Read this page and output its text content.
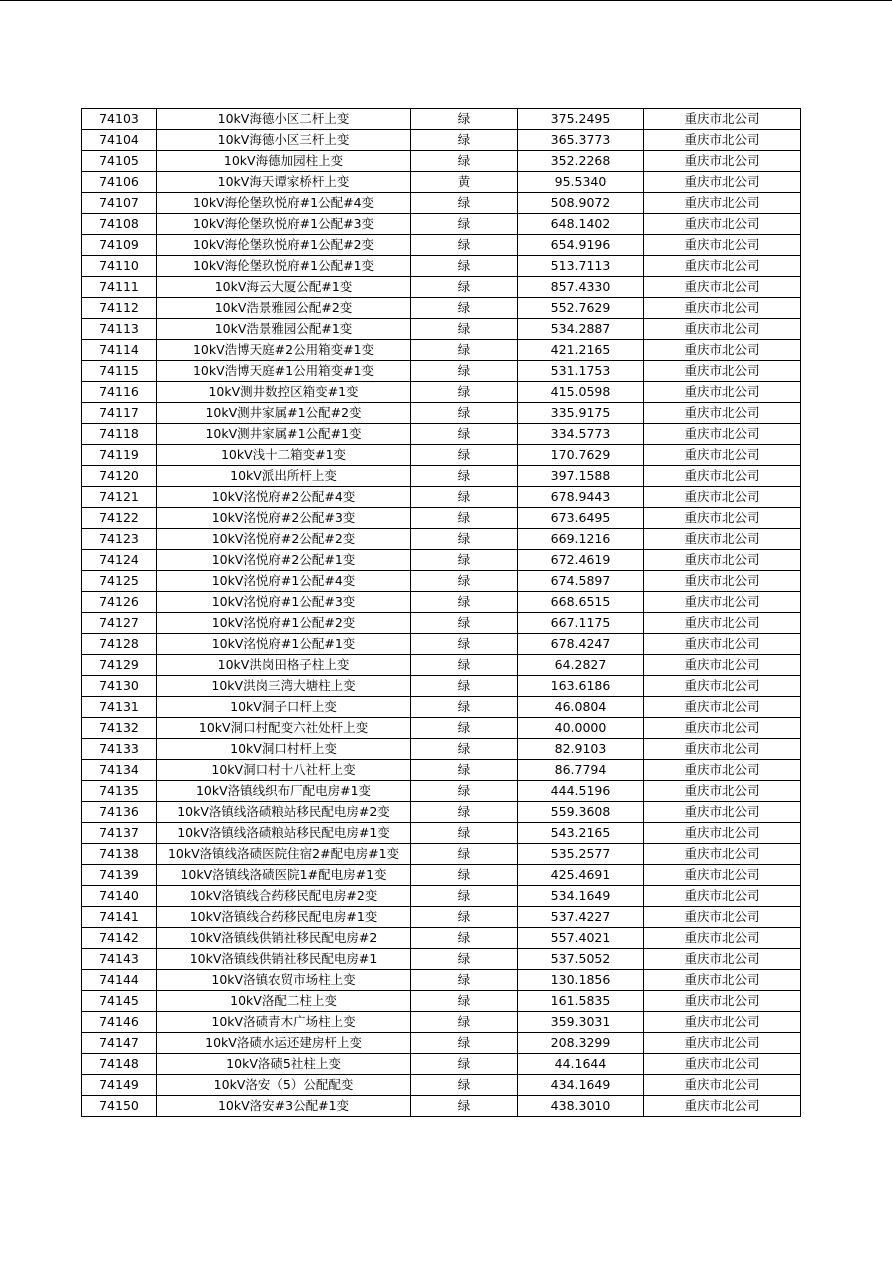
74103	10kV海德小区二杆上变	绿	375.2495	重庆市北公司
74104	10kV海德小区三杆上变	绿	365.3773	重庆市北公司
74105	10kV海德加园柱上变	绿	352.2268	重庆市北公司
74106	10kV海天谭家桥杆上变	黄	95.5340	重庆市北公司
74107	10kV海伦堡玖悦府#1公配#4变	绿	508.9072	重庆市北公司
74108	10kV海伦堡玖悦府#1公配#3变	绿	648.1402	重庆市北公司
74109	10kV海伦堡玖悦府#1公配#2变	绿	654.9196	重庆市北公司
74110	10kV海伦堡玖悦府#1公配#1变	绿	513.7113	重庆市北公司
74111	10kV海云大厦公配#1变	绿	857.4330	重庆市北公司
74112	10kV浩景雅园公配#2变	绿	552.7629	重庆市北公司
74113	10kV浩景雅园公配#1变	绿	534.2887	重庆市北公司
74114	10kV浩博天庭#2公用箱变#1变	绿	421.2165	重庆市北公司
74115	10kV浩博天庭#1公用箱变#1变	绿	531.1753	重庆市北公司
74116	10kV测井数控区箱变#1变	绿	415.0598	重庆市北公司
74117	10kV测井家属#1公配#2变	绿	335.9175	重庆市北公司
74118	10kV测井家属#1公配#1变	绿	334.5773	重庆市北公司
74119	10kV浅十二箱变#1变	绿	170.7629	重庆市北公司
74120	10kV派出所杆上变	绿	397.1588	重庆市北公司
74121	10kV洺悦府#2公配#4变	绿	678.9443	重庆市北公司
74122	10kV洺悦府#2公配#3变	绿	673.6495	重庆市北公司
74123	10kV洺悦府#2公配#2变	绿	669.1216	重庆市北公司
74124	10kV洺悦府#2公配#1变	绿	672.4619	重庆市北公司
74125	10kV洺悦府#1公配#4变	绿	674.5897	重庆市北公司
74126	10kV洺悦府#1公配#3变	绿	668.6515	重庆市北公司
74127	10kV洺悦府#1公配#2变	绿	667.1175	重庆市北公司
74128	10kV洺悦府#1公配#1变	绿	678.4247	重庆市北公司
74129	10kV洪岗田格子柱上变	绿	64.2827	重庆市北公司
74130	10kV洪岗三湾大塘柱上变	绿	163.6186	重庆市北公司
74131	10kV洞子口杆上变	绿	46.0804	重庆市北公司
74132	10kV洞口村配变六社处杆上变	绿	40.0000	重庆市北公司
74133	10kV洞口村杆上变	绿	82.9103	重庆市北公司
74134	10kV洞口村十八社杆上变	绿	86.7794	重庆市北公司
74135	10kV洛镇线织布厂配电房#1变	绿	444.5196	重庆市北公司
74136	10kV洛镇线洛碛粮站移民配电房#2变	绿	559.3608	重庆市北公司
74137	10kV洛镇线洛碛粮站移民配电房#1变	绿	543.2165	重庆市北公司
74138	10kV洛镇线洛碛医院住宿2#配电房#1变	绿	535.2577	重庆市北公司
74139	10kV洛镇线洛碛医院1#配电房#1变	绿	425.4691	重庆市北公司
74140	10kV洛镇线合药移民配电房#2变	绿	534.1649	重庆市北公司
74141	10kV洛镇线合药移民配电房#1变	绿	537.4227	重庆市北公司
74142	10kV洛镇线供销社移民配电房#2	绿	557.4021	重庆市北公司
74143	10kV洛镇线供销社移民配电房#1	绿	537.5052	重庆市北公司
74144	10kV洛镇农贸市场柱上变	绿	130.1856	重庆市北公司
74145	10kV洛配二柱上变	绿	161.5835	重庆市北公司
74146	10kV洛碛青木广场柱上变	绿	359.3031	重庆市北公司
74147	10kV洛碛水运还建房杆上变	绿	208.3299	重庆市北公司
74148	10kV洛碛5社柱上变	绿	44.1644	重庆市北公司
74149	10kV洛安（5）公配配变	绿	434.1649	重庆市北公司
74150	10kV洛安#3公配#1变	绿	438.3010	重庆市北公司
